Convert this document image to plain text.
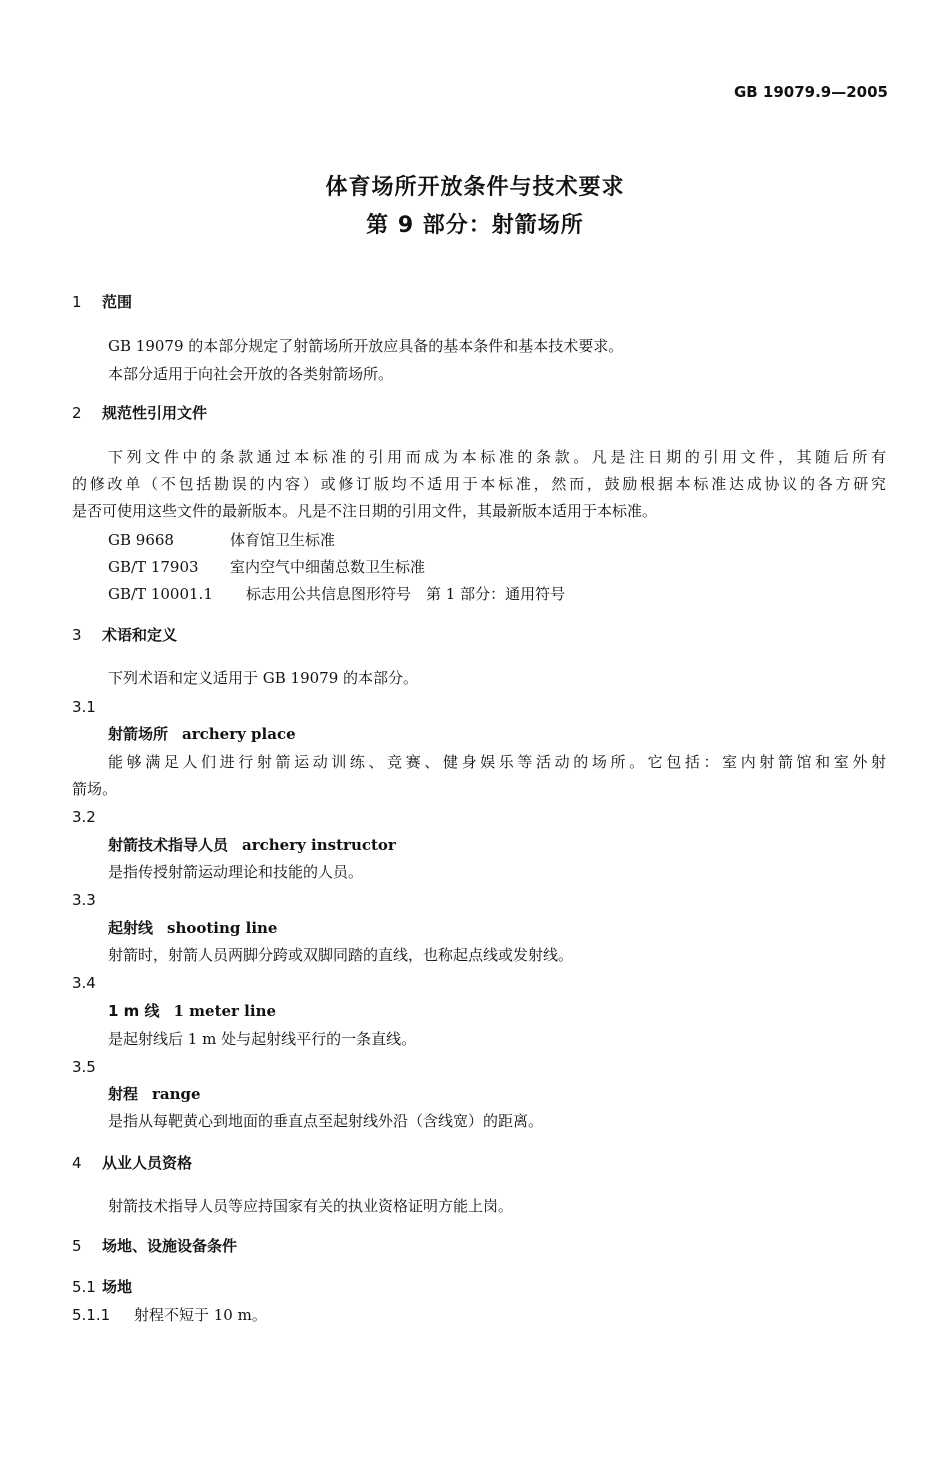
GB 19079.9—2005
体育场所开放条件与技术要求
第 9 部分：射箭场所
1 范围
GB 19079 的本部分规定了射箭场所开放应具备的基本条件和基本技术要求。
本部分适用于向社会开放的各类射箭场所。
2 规范性引用文件
下列文件中的条款通过本标准的引用而成为本标准的条款。凡是注日期的引用文件，其随后所有
的修改单（不包括勘误的内容）或修订版均不适用于本标准，然而，鼓励根据本标准达成协议的各方研究
是否可使用这些文件的最新版本。凡是不注日期的引用文件，其最新版本适用于本标准。
GB 9668	体育馆卫生标准
GB/T 17903 室内空气中细菌总数卫生标准
GB/T 10001.1 标志用公共信息图形符号　第 1 部分：通用符号
3 术语和定义
下列术语和定义适用于 GB 19079 的本部分。
3.1
射箭场所 archery place
能够满足人们进行射箭运动训练、竞赛、健身娱乐等活动的场所。它包括：室内射箭馆和室外射
箭场。
3.2
射箭技术指导人员 archery instructor
是指传授射箭运动理论和技能的人员。
3.3
起射线 shooting line
射箭时，射箭人员两脚分跨或双脚同踏的直线，也称起点线或发射线。
3.4
1 m 线 1 meter line
是起射线后 1 m 处与起射线平行的一条直线。
3.5
射程 range
是指从每靶黄心到地面的垂直点至起射线外沿（含线宽）的距离。
4 从业人员资格
射箭技术指导人员等应持国家有关的执业资格证明方能上岗。
5 场地、设施设备条件
5.1 场地
5.1.1 射程不短于 10 m。
